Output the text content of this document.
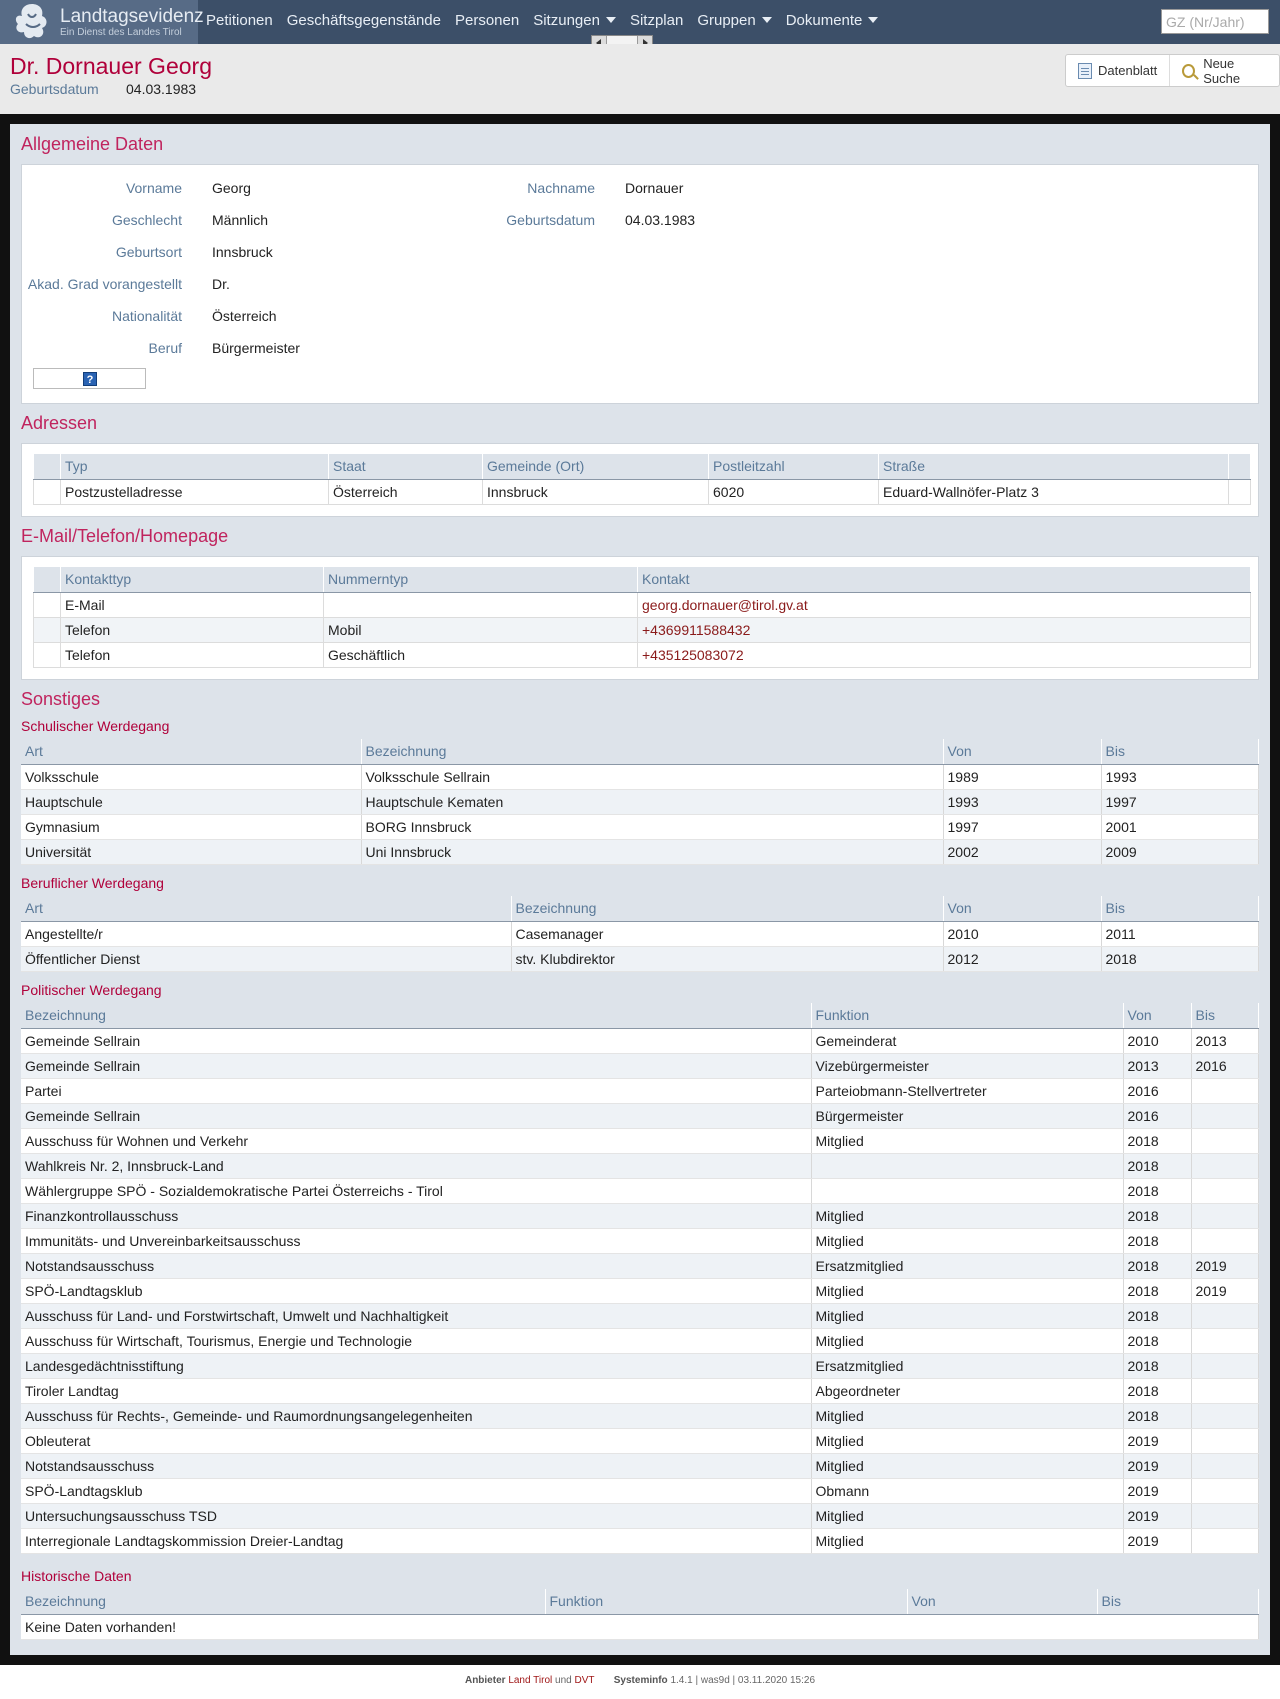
Landtagsevidenz
Ein Dienst des Landes Tirol
Petitionen Geschäftsgegenstände Personen Sitzungen Sitzplan Gruppen Dokumente
GZ (Nr/Jahr)
Dr. Dornauer Georg
Geburtsdatum 04.03.1983
Datenblatt	Neue Suche
Allgemeine Daten
Vorname Georg	Nachname Dornauer
Geschlecht Männlich	Geburtsdatum 04.03.1983
Geburtsort Innsbruck
Akad. Grad vorangestellt Dr.
Nationalität Österreich
Beruf Bürgermeister
?
Adressen
	Typ	Staat	Gemeinde (Ort)	Postleitzahl	Straße	
	Postzustelladresse	Österreich	Innsbruck	6020	Eduard-Wallnöfer-Platz 3	
E-Mail/Telefon/Homepage
	Kontakttyp	Nummerntyp	Kontakt
	E-Mail		georg.dornauer@tirol.gv.at
	Telefon	Mobil	+4369911588432
	Telefon	Geschäftlich	+435125083072
Sonstiges
Schulischer Werdegang
Art	Bezeichnung	Von	Bis
Volksschule	Volksschule Sellrain	1989	1993
Hauptschule	Hauptschule Kematen	1993	1997
Gymnasium	BORG Innsbruck	1997	2001
Universität	Uni Innsbruck	2002	2009
Beruflicher Werdegang
Art	Bezeichnung	Von	Bis
Angestellte/r	Casemanager	2010	2011
Öffentlicher Dienst	stv. Klubdirektor	2012	2018
Politischer Werdegang
Bezeichnung	Funktion	Von	Bis
Gemeinde Sellrain	Gemeinderat	2010	2013
Gemeinde Sellrain	Vizebürgermeister	2013	2016
Partei	Parteiobmann-Stellvertreter	2016	
Gemeinde Sellrain	Bürgermeister	2016	
Ausschuss für Wohnen und Verkehr	Mitglied	2018	
Wahlkreis Nr. 2, Innsbruck-Land		2018	
Wählergruppe SPÖ - Sozialdemokratische Partei Österreichs - Tirol		2018	
Finanzkontrollausschuss	Mitglied	2018	
Immunitäts- und Unvereinbarkeitsausschuss	Mitglied	2018	
Notstandsausschuss	Ersatzmitglied	2018	2019
SPÖ-Landtagsklub	Mitglied	2018	2019
Ausschuss für Land- und Forstwirtschaft, Umwelt und Nachhaltigkeit	Mitglied	2018	
Ausschuss für Wirtschaft, Tourismus, Energie und Technologie	Mitglied	2018	
Landesgedächtnisstiftung	Ersatzmitglied	2018	
Tiroler Landtag	Abgeordneter	2018	
Ausschuss für Rechts-, Gemeinde- und Raumordnungsangelegenheiten	Mitglied	2018	
Obleuterat	Mitglied	2019	
Notstandsausschuss	Mitglied	2019	
SPÖ-Landtagsklub	Obmann	2019	
Untersuchungsausschuss TSD	Mitglied	2019	
Interregionale Landtagskommission Dreier-Landtag	Mitglied	2019	
Historische Daten
Bezeichnung	Funktion	Von	Bis
Keine Daten vorhanden!
Anbieter Land Tirol und DVT Systeminfo 1.4.1 | was9d | 03.11.2020 15:26
